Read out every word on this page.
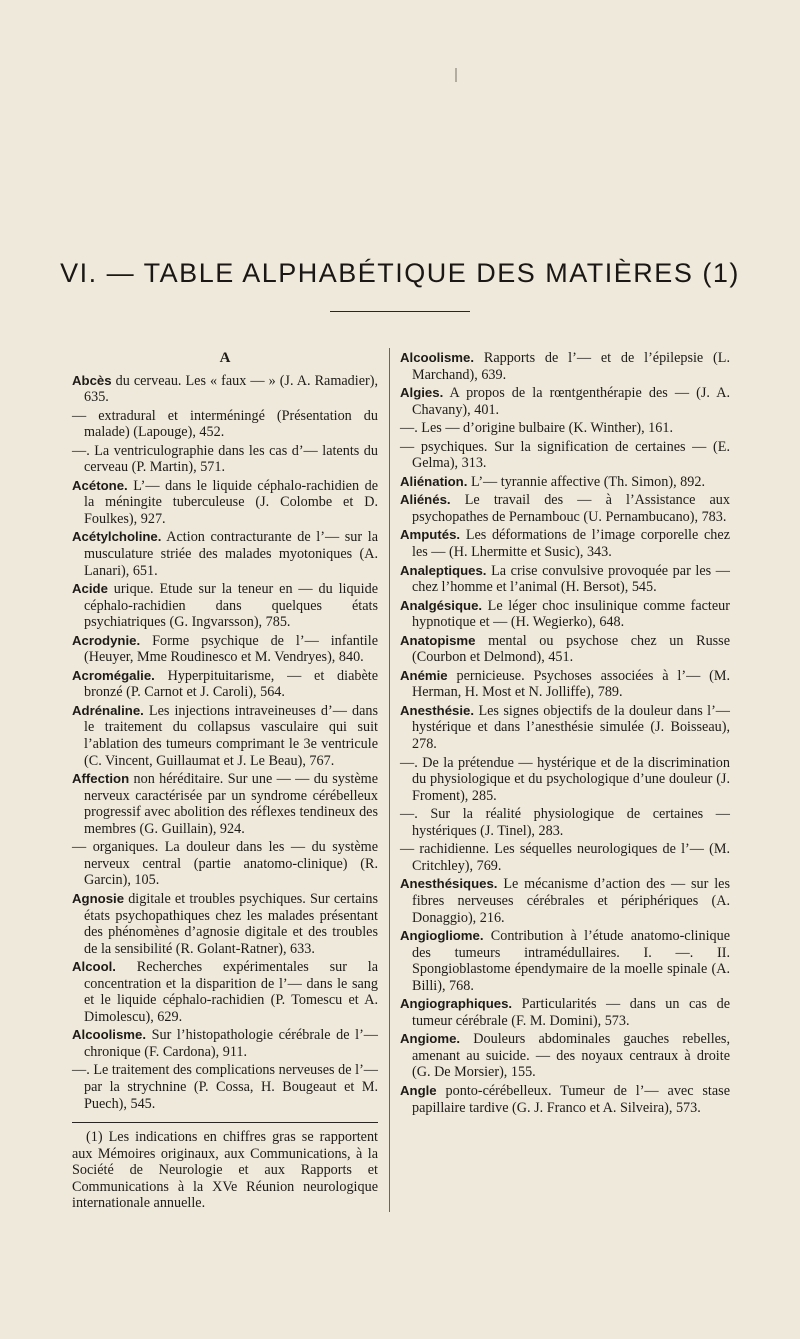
VI. — TABLE ALPHABÉTIQUE DES MATIÈRES (1)
A

Abcès du cerveau. Les « faux — » (J. A. Ramadier), 635.

— extradural et interméningé (Présentation du malade) (Lapouge), 452.

—. La ventriculographie dans les cas d’— latents du cerveau (P. Martin), 571.

Acétone. L’— dans le liquide céphalo-rachidien de la méningite tuberculeuse (J. Colombe et D. Foulkes), 927.

Acétylcholine. Action contracturante de l’— sur la musculature striée des malades myotoniques (A. Lanari), 651.

Acide urique. Etude sur la teneur en — du liquide céphalo-rachidien dans quelques états psychiatriques (G. Ingvarsson), 785.

Acrodynie. Forme psychique de l’— infantile (Heuyer, Mme Roudinesco et M. Vendryes), 840.

Acromégalie. Hyperpituitarisme, — et diabète bronzé (P. Carnot et J. Caroli), 564.

Adrénaline. Les injections intraveineuses d’— dans le traitement du collapsus vasculaire qui suit l’ablation des tumeurs comprimant le 3e ventricule (C. Vincent, Guillaumat et J. Le Beau), 767.

Affection non héréditaire. Sur une — — du système nerveux caractérisée par un syndrome cérébelleux progressif avec abolition des réflexes tendineux des membres (G. Guillain), 924.

— organiques. La douleur dans les — du système nerveux central (partie anatomo-clinique) (R. Garcin), 105.

Agnosie digitale et troubles psychiques. Sur certains états psychopathiques chez les malades présentant des phénomènes d’agnosie digitale et des troubles de la sensibilité (R. Golant-Ratner), 633.

Alcool. Recherches expérimentales sur la concentration et la disparition de l’— dans le sang et le liquide céphalo-rachidien (P. Tomescu et A. Dimolescu), 629.

Alcoolisme. Sur l’histopathologie cérébrale de l’— chronique (F. Cardona), 911.

—. Le traitement des complications nerveuses de l’— par la strychnine (P. Cossa, H. Bougeaut et M. Puech), 545.

(1) Les indications en chiffres gras se rapportent aux Mémoires originaux, aux Communications, à la Société de Neurologie et aux Rapports et Communications à la XVe Réunion neurologique internationale annuelle.

Alcoolisme. Rapports de l’— et de l’épilepsie (L. Marchand), 639.

Algies. A propos de la rœntgenthérapie des — (J. A. Chavany), 401.

—. Les — d’origine bulbaire (K. Winther), 161.

— psychiques. Sur la signification de certaines — (E. Gelma), 313.

Aliénation. L’— tyrannie affective (Th. Simon), 892.

Aliénés. Le travail des — à l’Assistance aux psychopathes de Pernambouc (U. Pernambucano), 783.

Amputés. Les déformations de l’image corporelle chez les — (H. Lhermitte et Susic), 343.

Analeptiques. La crise convulsive provoquée par les — chez l’homme et l’animal (H. Bersot), 545.

Analgésique. Le léger choc insulinique comme facteur hypnotique et — (H. Wegierko), 648.

Anatopisme mental ou psychose chez un Russe (Courbon et Delmond), 451.

Anémie pernicieuse. Psychoses associées à l’— (M. Herman, H. Most et N. Jolliffe), 789.

Anesthésie. Les signes objectifs de la douleur dans l’— hystérique et dans l’anesthésie simulée (J. Boisseau), 278.

—. De la prétendue — hystérique et de la discrimination du physiologique et du psychologique d’une douleur (J. Froment), 285.

—. Sur la réalité physiologique de certaines — hystériques (J. Tinel), 283.

— rachidienne. Les séquelles neurologiques de l’— (M. Critchley), 769.

Anesthésiques. Le mécanisme d’action des — sur les fibres nerveuses cérébrales et périphériques (A. Donaggio), 216.

Angiogliome. Contribution à l’étude anatomo-clinique des tumeurs intramédullaires. I. —. II. Spongioblastome épendymaire de la moelle spinale (A. Billi), 768.

Angiographiques. Particularités — dans un cas de tumeur cérébrale (F. M. Domini), 573.

Angiome. Douleurs abdominales gauches rebelles, amenant au suicide. — des noyaux centraux à droite (G. De Morsier), 155.

Angle ponto-cérébelleux. Tumeur de l’— avec stase papillaire tardive (G. J. Franco et A. Silveira), 573.
